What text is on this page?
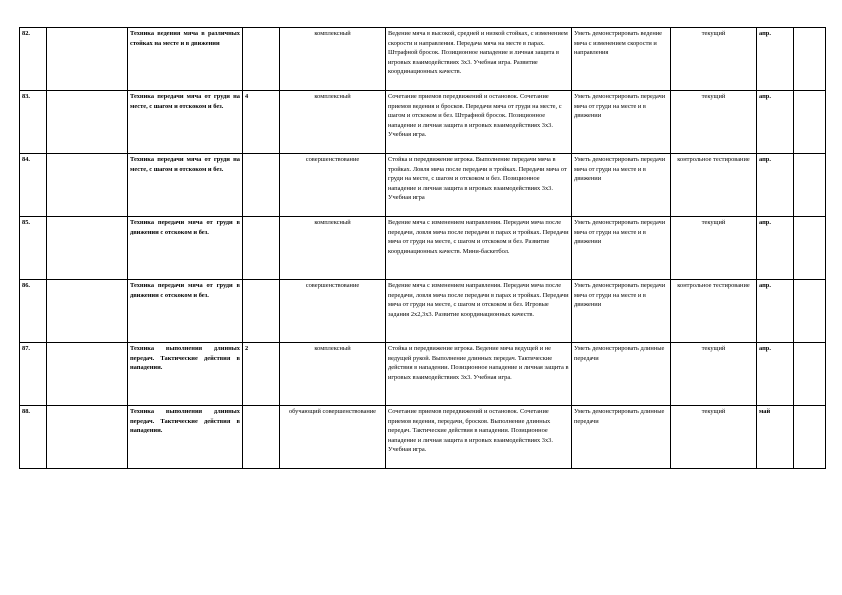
82.		Техника ведения мяча в различных стойках на месте и в движении		комплексный	Ведение мяча в высокой, средней и низкой стойках, с изменением скорости и направления. Передача мяча на месте в парах. Штрафной бросок. Позиционное нападение и личная защита в игровых взаимодействиях 3х3. Учебная игра. Развитие координационных качеств.	Уметь демонстрировать ведение мяча с изменением скорости и направления	текущий	апр.	
83.		Техника передачи мяча от груди на месте, с шагом и отскоком и без.	4	комплексный	Сочетание приемов передвижений и остановок. Сочетание приемов ведения и бросков. Передачи мяча от груди на месте, с шагом и отскоком и без. Штрафной бросок. Позиционное нападение и личная защита в игровых взаимодействиях 3х3. Учебная игра.	Уметь демонстрировать передачи мяча от груди на месте и в движении	текущий	апр.	
84.		Техника передачи мяча от груди на месте, с шагом и отскоком и без.		совершенствование	Стойка и передвижение игрока. Выполнение передачи мяча в тройках. Ловля мяча после передачи в тройках. Передачи мяча от груди на месте, с шагом и отскоком и без. Позиционное нападение и личная защита в игровых взаимодействиях 3х3. Учебная игра	Уметь демонстрировать передачи мяча от груди на месте и в движении	контрольное тестирование	апр.	
85.		Техника передачи мяча от груди в движении с отскоком и без.		комплексный	Ведение мяча с изменением направления. Передачи мяча после передачи, ловля мяча после передачи в парах и тройках. Передачи мяча от груди на месте, с шагом и отскоком и без. Развитие координационных качеств. Мини-баскетбол.	Уметь демонстрировать передачи мяча от груди на месте и в движении	текущий	апр.	
86.		Техника передачи мяча от груди в движении с отскоком и без.		совершенствование	Ведение мяча с изменением направления. Передачи мяча после передачи, ловля мяча после передачи в парах и тройках. Передачи мяча от груди на месте, с шагом и отскоком и без. Игровые задания 2х2,3х3. Развитие координационных качеств.	Уметь демонстрировать передачи мяча от груди на месте и в движении	контрольное тестирование	апр.	
87.		Техника выполнения длинных передач. Тактические действия в нападении.	2	комплексный	Стойка и передвижение игрока. Ведение мяча ведущей и не ведущей рукой. Выполнение длинных передач. Тактические действия в нападении. Позиционное нападение и личная защита в игровых взаимодействиях 3х3. Учебная игра.	Уметь демонстрировать длинные передачи	текущий	апр.	
88.		Техника выполнения длинных передач. Тактические действия в нападении.		обучающий совершенствование	Сочетание приемов передвижений и остановок. Сочетание приемов ведения, передачи, бросков. Выполнение длинных передач. Тактические действия в нападении. Позиционное нападение и личная защита в игровых взаимодействиях 3х3. Учебная игра.	Уметь демонстрировать длинные передачи	текущий	май	
